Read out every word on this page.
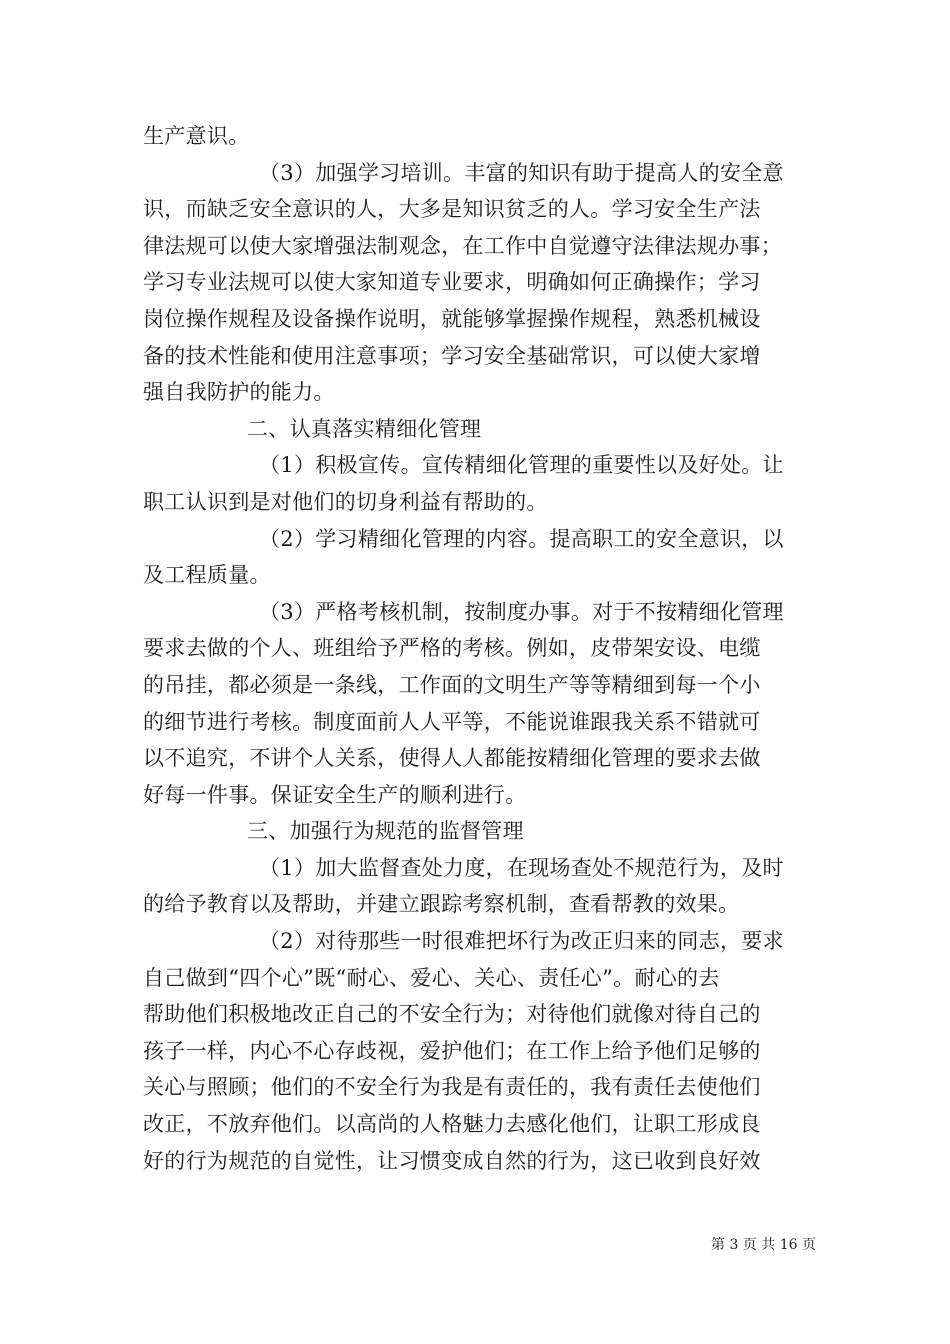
生产意识。
（3）加强学习培训。丰富的知识有助于提高人的安全意
识，而缺乏安全意识的人，大多是知识贫乏的人。学习安全生产法
律法规可以使大家增强法制观念，在工作中自觉遵守法律法规办事；
学习专业法规可以使大家知道专业要求，明确如何正确操作；学习
岗位操作规程及设备操作说明，就能够掌握操作规程，熟悉机械设
备的技术性能和使用注意事项；学习安全基础常识，可以使大家增
强自我防护的能力。
二、认真落实精细化管理
（1）积极宣传。宣传精细化管理的重要性以及好处。让
职工认识到是对他们的切身利益有帮助的。
（2）学习精细化管理的内容。提高职工的安全意识，以
及工程质量。
（3）严格考核机制，按制度办事。对于不按精细化管理
要求去做的个人、班组给予严格的考核。例如，皮带架安设、电缆
的吊挂，都必须是一条线，工作面的文明生产等等精细到每一个小
的细节进行考核。制度面前人人平等，不能说谁跟我关系不错就可
以不追究，不讲个人关系，使得人人都能按精细化管理的要求去做
好每一件事。保证安全生产的顺利进行。
三、加强行为规范的监督管理
（1）加大监督查处力度，在现场查处不规范行为，及时
的给予教育以及帮助，并建立跟踪考察机制，查看帮教的效果。
（2）对待那些一时很难把坏行为改正归来的同志，要求
自己做到“四个心”既“耐心、爱心、关心、责任心”。耐心的去
帮助他们积极地改正自己的不安全行为；对待他们就像对待自己的
孩子一样，内心不心存歧视，爱护他们；在工作上给予他们足够的
关心与照顾；他们的不安全行为我是有责任的，我有责任去使他们
改正，不放弃他们。以高尚的人格魅力去感化他们，让职工形成良
好的行为规范的自觉性，让习惯变成自然的行为，这已收到良好效
第 3 页 共 16 页
